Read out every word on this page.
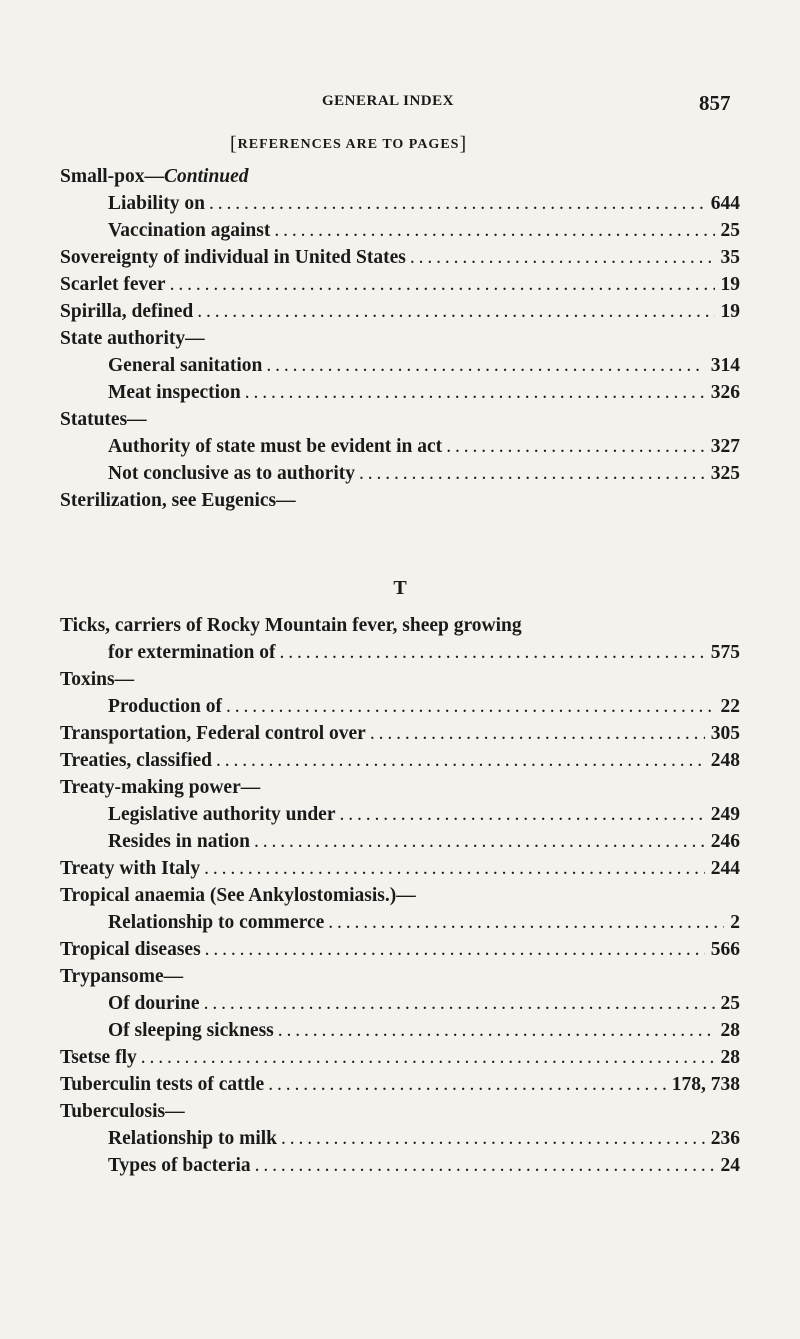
GENERAL INDEX	857
[REFERENCES ARE TO PAGES]
Small-pox—Continued
Liability on . . .	644
Vaccination against . . .	25
Sovereignty of individual in United States . . .	35
Scarlet fever . . .	19
Spirilla, defined . . .	19
State authority—
General sanitation . . .	314
Meat inspection . . .	326
Statutes—
Authority of state must be evident in act . . .	327
Not conclusive as to authority . . .	325
Sterilization, see Eugenics—
T
Ticks, carriers of Rocky Mountain fever, sheep growing
for extermination of . . .	575
Toxins—
Production of . . .	22
Transportation, Federal control over . . .	305
Treaties, classified . . .	248
Treaty-making power—
Legislative authority under . . .	249
Resides in nation . . .	246
Treaty with Italy . . .	244
Tropical anaemia (See Ankylostomiasis.)—
Relationship to commerce . . .	2
Tropical diseases . . .	566
Trypansome—
Of dourine . . .	25
Of sleeping sickness . . .	28
Tsetse fly . . .	28
Tuberculin tests of cattle . . .	178, 738
Tuberculosis—
Relationship to milk . . .	236
Types of bacteria . . .	24
